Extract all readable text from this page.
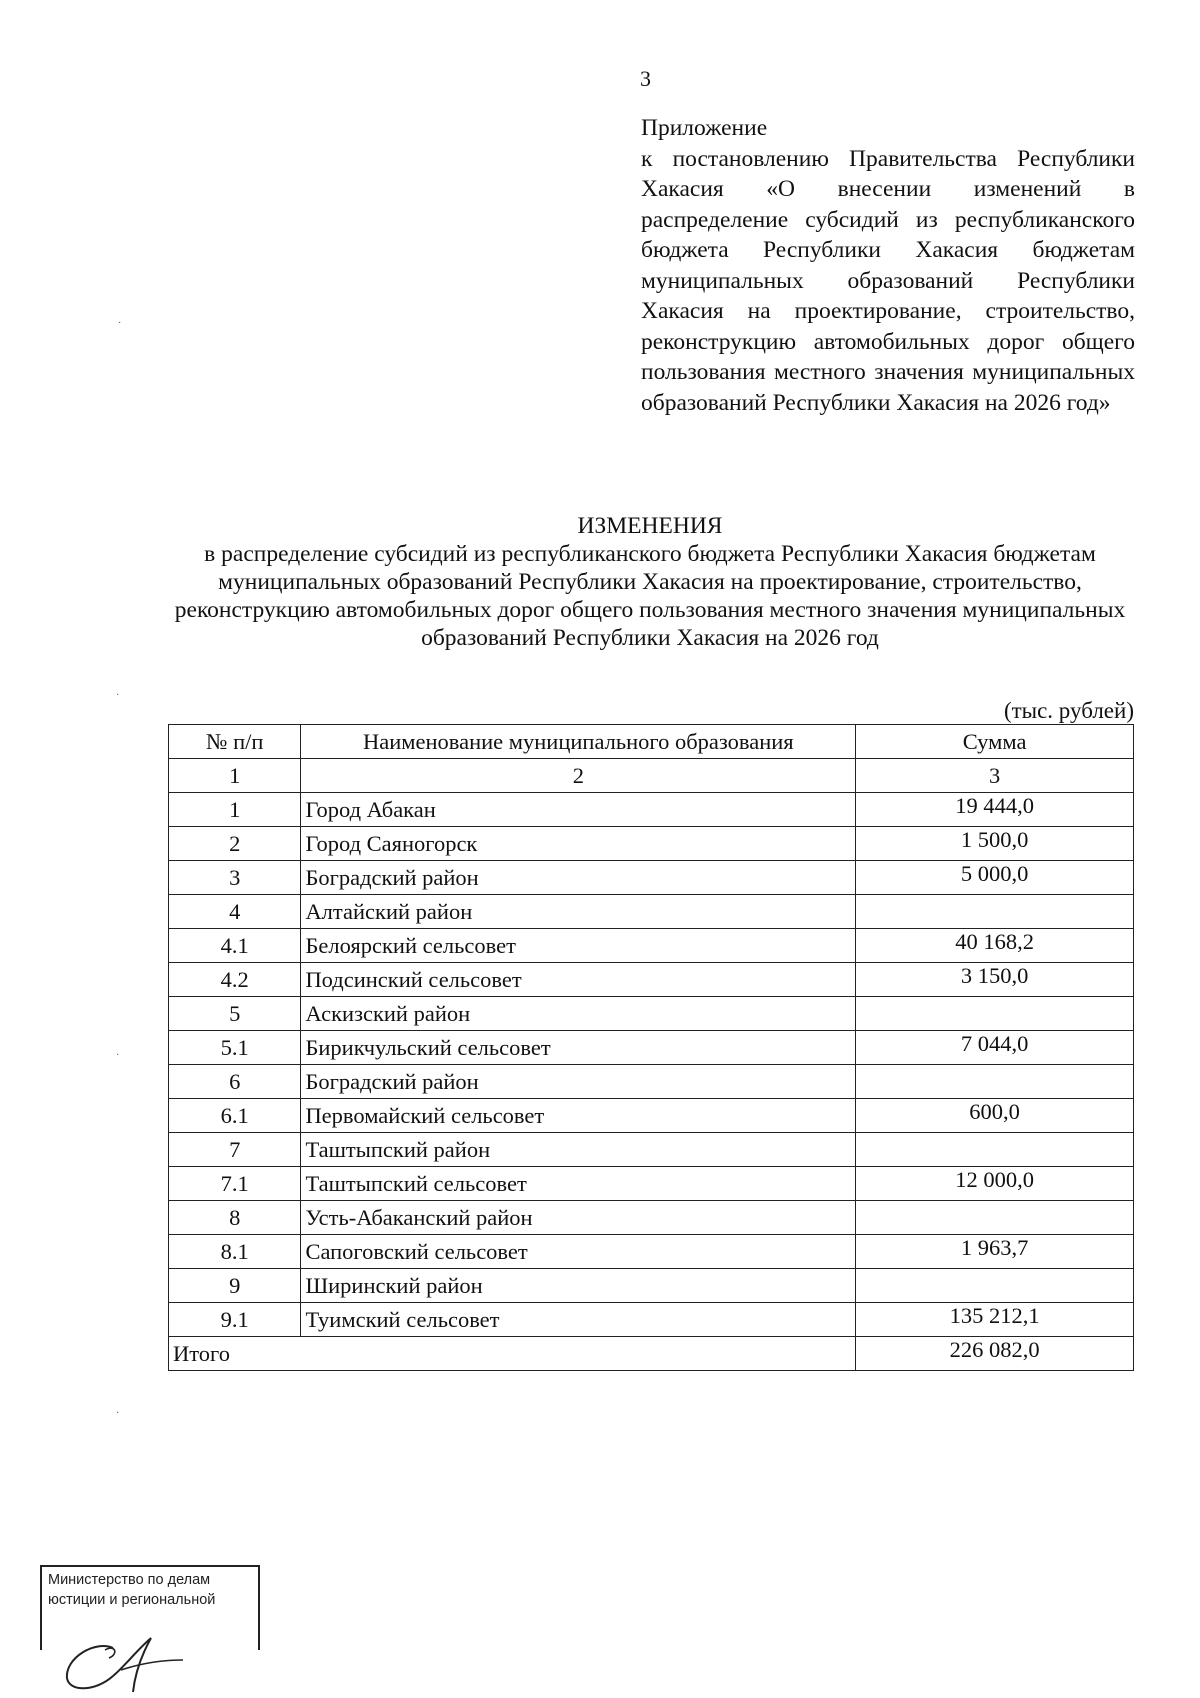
3
Приложение
к постановлению Правительства Республики Хакасия «О внесении изменений в распределение субсидий из республиканского бюджета Республики Хакасия бюджетам муниципальных образований Республики Хакасия на проектирование, строительство, реконструкцию автомобильных дорог общего пользования местного значения муниципальных образований Республики Хакасия на 2026 год»
ИЗМЕНЕНИЯ
в распределение субсидий из республиканского бюджета Республики Хакасия бюджетам муниципальных образований Республики Хакасия на проектирование, строительство, реконструкцию автомобильных дорог общего пользования местного значения муниципальных образований Республики Хакасия на 2026 год
(тыс. рублей)
№ п/п	Наименование муниципального образования	Сумма
1	2	3
1	Город Абакан	19 444,0
2	Город Саяногорск	1 500,0
3	Боградский район	5 000,0
4	Алтайский район	
4.1	Белоярский сельсовет	40 168,2
4.2	Подсинский сельсовет	3 150,0
5	Аскизский район	
5.1	Бирикчульский сельсовет	7 044,0
6	Боградский район	
6.1	Первомайский сельсовет	600,0
7	Таштыпский район	
7.1	Таштыпский сельсовет	12 000,0
8	Усть-Абаканский район	
8.1	Сапоговский сельсовет	1 963,7
9	Ширинский район	
9.1	Туимский сельсовет	135 212,1
Итого		226 082,0
·
·
·
·
Министерство по делам
юстиции и региональной
